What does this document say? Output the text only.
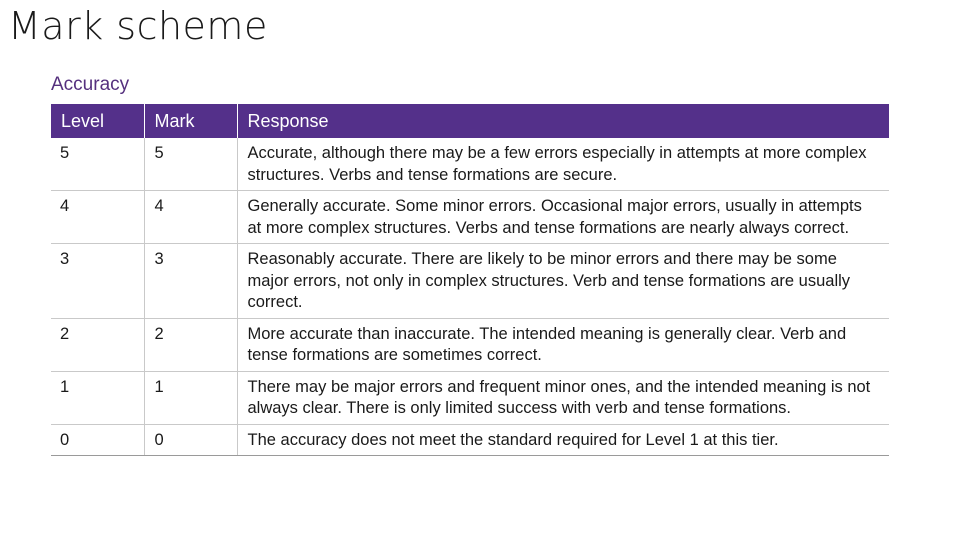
Mark scheme
Accuracy
Level	Mark	Response
5	5	Accurate, although there may be a few errors especially in attempts at more complex structures. Verbs and tense formations are secure.
4	4	Generally accurate. Some minor errors. Occasional major errors, usually in attempts at more complex structures. Verbs and tense formations are nearly always correct.
3	3	Reasonably accurate. There are likely to be minor errors and there may be some major errors, not only in complex structures. Verb and tense formations are usually correct.
2	2	More accurate than inaccurate. The intended meaning is generally clear. Verb and tense formations are sometimes correct.
1	1	There may be major errors and frequent minor ones, and the intended meaning is not always clear. There is only limited success with verb and tense formations.
0	0	The accuracy does not meet the standard required for Level 1 at this tier.
